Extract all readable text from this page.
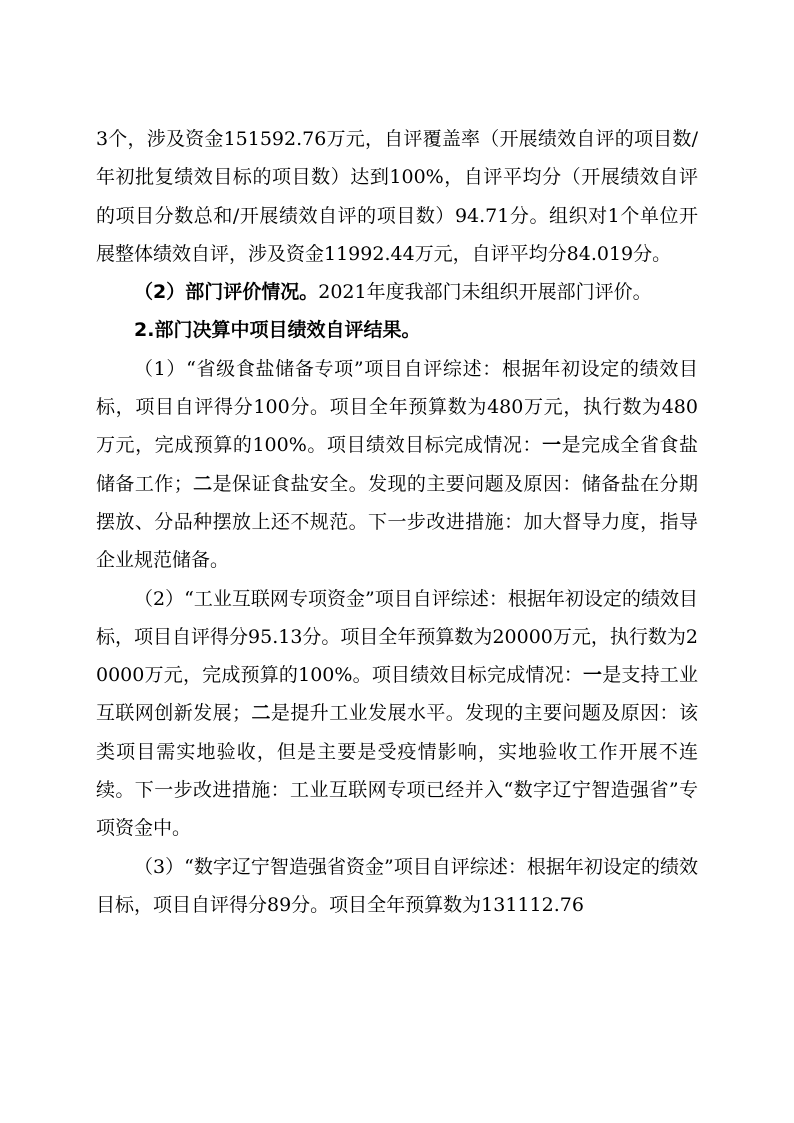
3个，涉及资金151592.76万元，自评覆盖率（开展绩效自评的项目数/年初批复绩效目标的项目数）达到100%，自评平均分（开展绩效自评的项目分数总和/开展绩效自评的项目数）94.71分。组织对1个单位开展整体绩效自评，涉及资金11992.44万元，自评平均分84.019分。

（2）部门评价情况。2021年度我部门未组织开展部门评价。

2.部门决算中项目绩效自评结果。

（1）“省级食盐储备专项”项目自评综述：根据年初设定的绩效目标，项目自评得分100分。项目全年预算数为480万元，执行数为480万元，完成预算的100%。项目绩效目标完成情况：一是完成全省食盐储备工作；二是保证食盐安全。发现的主要问题及原因：储备盐在分期摆放、分品种摆放上还不规范。下一步改进措施：加大督导力度，指导企业规范储备。

（2）“工业互联网专项资金”项目自评综述：根据年初设定的绩效目标，项目自评得分95.13分。项目全年预算数为20000万元，执行数为20000万元，完成预算的100%。项目绩效目标完成情况：一是支持工业互联网创新发展；二是提升工业发展水平。发现的主要问题及原因：该类项目需实地验收，但是主要是受疫情影响，实地验收工作开展不连续。下一步改进措施：工业互联网专项已经并入“数字辽宁智造强省”专项资金中。

（3）“数字辽宁智造强省资金”项目自评综述：根据年初设定的绩效目标，项目自评得分89分。项目全年预算数为131112.76
